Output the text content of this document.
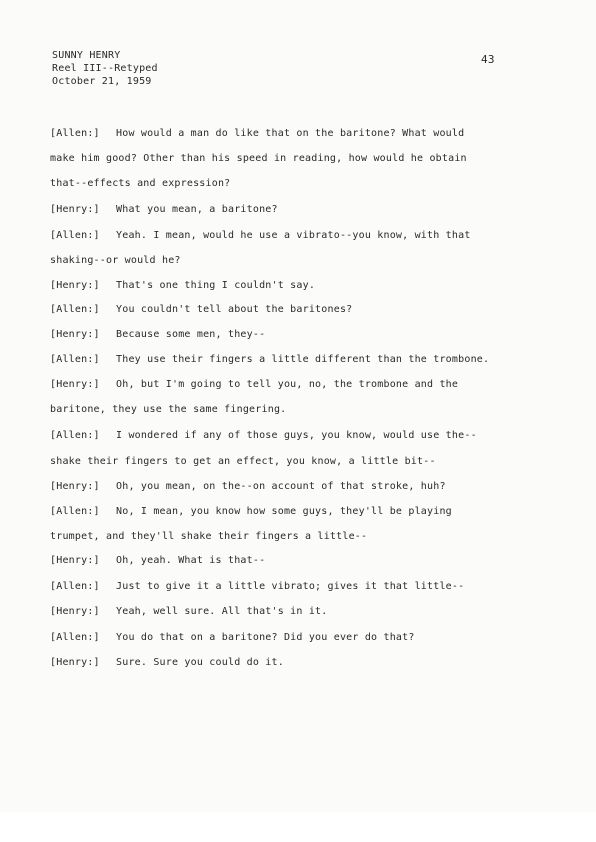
SUNNY HENRY
Reel III--Retyped
October 21, 1959
43
[Allen:] How would a man do like that on the baritone? What would
make him good? Other than his speed in reading, how would he obtain
that--effects and expression?
[Henry:] What you mean, a baritone?
[Allen:] Yeah. I mean, would he use a vibrato--you know, with that
shaking--or would he?
[Henry:] That's one thing I couldn't say.
[Allen:] You couldn't tell about the baritones?
[Henry:] Because some men, they--
[Allen:] They use their fingers a little different than the trombone.
[Henry:] Oh, but I'm going to tell you, no, the trombone and the
baritone, they use the same fingering.
[Allen:] I wondered if any of those guys, you know, would use the--
shake their fingers to get an effect, you know, a little bit--
[Henry:] Oh, you mean, on the--on account of that stroke, huh?
[Allen:] No, I mean, you know how some guys, they'll be playing
trumpet, and they'll shake their fingers a little--
[Henry:] Oh, yeah. What is that--
[Allen:] Just to give it a little vibrato; gives it that little--
[Henry:] Yeah, well sure. All that's in it.
[Allen:] You do that on a baritone? Did you ever do that?
[Henry:] Sure. Sure you could do it.
